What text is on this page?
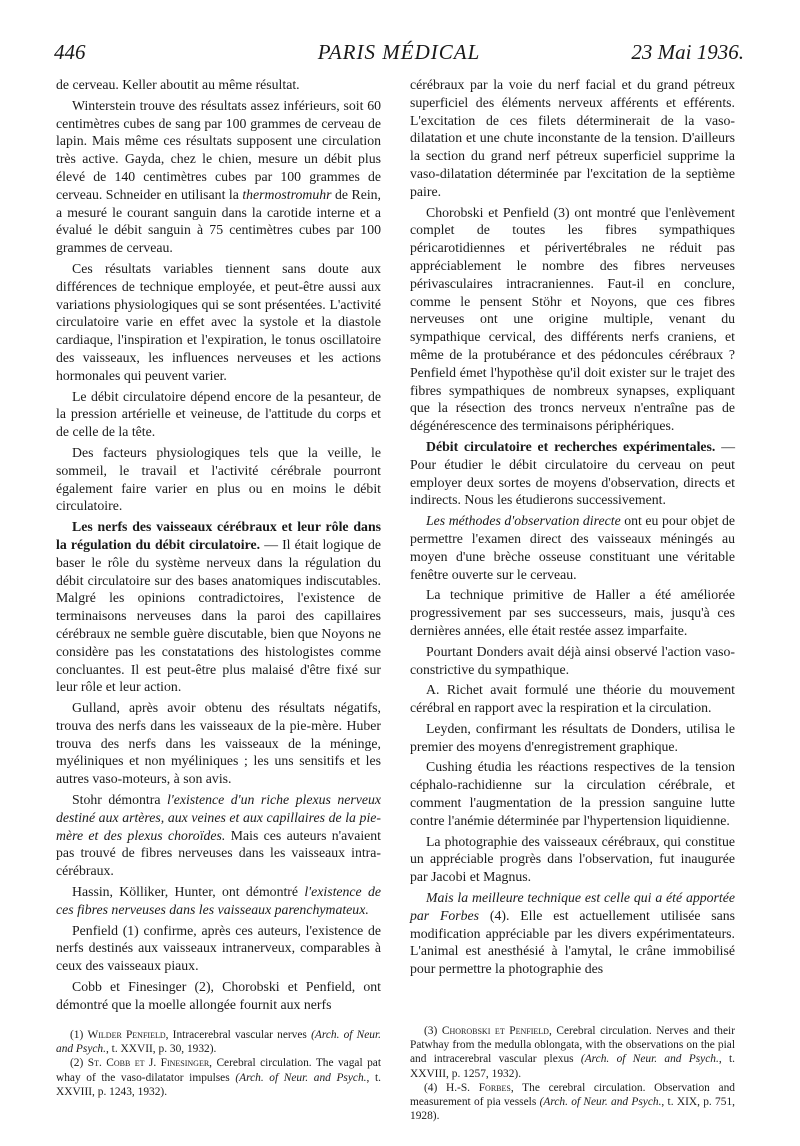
446	PARIS MÉDICAL	23 Mai 1936.

de cerveau. Keller aboutit au même résultat.

Winterstein trouve des résultats assez inférieurs, soit 60 centimètres cubes de sang par 100 grammes de cerveau de lapin. Mais même ces résultats supposent une circulation très active. Gayda, chez le chien, mesure un débit plus élevé de 140 centimètres cubes par 100 grammes de cerveau. Schneider en utilisant la thermostromuhr de Rein, a mesuré le courant sanguin dans la carotide interne et a évalué le débit sanguin à 75 centimètres cubes par 100 grammes de cerveau.

Ces résultats variables tiennent sans doute aux différences de technique employée, et peut-être aussi aux variations physiologiques qui se sont présentées. L'activité circulatoire varie en effet avec la systole et la diastole cardiaque, l'inspiration et l'expiration, le tonus oscillatoire des vaisseaux, les influences nerveuses et les actions hormonales qui peuvent varier.

Le débit circulatoire dépend encore de la pesanteur, de la pression artérielle et veineuse, de l'attitude du corps et de celle de la tête.

Des facteurs physiologiques tels que la veille, le sommeil, le travail et l'activité cérébrale pourront également faire varier en plus ou en moins le débit circulatoire.

Les nerfs des vaisseaux cérébraux et leur rôle dans la régulation du débit circulatoire. — Il était logique de baser le rôle du système nerveux dans la régulation du débit circulatoire sur des bases anatomiques indiscutables. Malgré les opinions contradictoires, l'existence de terminaisons nerveuses dans la paroi des capillaires cérébraux ne semble guère discutable, bien que Noyons ne considère pas les constatations des histologistes comme concluantes. Il est peut-être plus malaisé d'être fixé sur leur rôle et leur action.

Gulland, après avoir obtenu des résultats négatifs, trouva des nerfs dans les vaisseaux de la pie-mère. Huber trouva des nerfs dans les vaisseaux de la méninge, myéliniques et non myéliniques ; les uns sensitifs et les autres vaso-moteurs, à son avis.

Stohr démontra l'existence d'un riche plexus nerveux destiné aux artères, aux veines et aux capillaires de la pie-mère et des plexus choroïdes. Mais ces auteurs n'avaient pas trouvé de fibres nerveuses dans les vaisseaux intra-cérébraux.

Hassin, Kölliker, Hunter, ont démontré l'existence de ces fibres nerveuses dans les vaisseaux parenchymateux.

Penfield (1) confirme, après ces auteurs, l'existence de nerfs destinés aux vaisseaux intranerveux, comparables à ceux des vaisseaux piaux.

Cobb et Finesinger (2), Chorobski et Penfield, ont démontré que la moelle allongée fournit aux nerfs

cérébraux par la voie du nerf facial et du grand pétreux superficiel des éléments nerveux afférents et efférents. L'excitation de ces filets déterminerait de la vaso-dilatation et une chute inconstante de la tension. D'ailleurs la section du grand nerf pétreux superficiel supprime la vaso-dilatation déterminée par l'excitation de la septième paire.

Chorobski et Penfield (3) ont montré que l'enlèvement complet de toutes les fibres sympathiques péricarotidiennes et périvertébrales ne réduit pas appréciablement le nombre des fibres nerveuses périvasculaires intracraniennes. Faut-il en conclure, comme le pensent Stöhr et Noyons, que ces fibres nerveuses ont une origine multiple, venant du sympathique cervical, des différents nerfs craniens, et même de la protubérance et des pédoncules cérébraux ? Penfield émet l'hypothèse qu'il doit exister sur le trajet des fibres sympathiques de nombreux synapses, expliquant que la résection des troncs nerveux n'entraîne pas de dégénérescence des terminaisons périphériques.

Débit circulatoire et recherches expérimentales. — Pour étudier le débit circulatoire du cerveau on peut employer deux sortes de moyens d'observation, directs et indirects. Nous les étudierons successivement.

Les méthodes d'observation directe ont eu pour objet de permettre l'examen direct des vaisseaux méningés au moyen d'une brèche osseuse constituant une véritable fenêtre ouverte sur le cerveau.

La technique primitive de Haller a été améliorée progressivement par ses successeurs, mais, jusqu'à ces dernières années, elle était restée assez imparfaite.

Pourtant Donders avait déjà ainsi observé l'action vaso-constrictive du sympathique.

A. Richet avait formulé une théorie du mouvement cérébral en rapport avec la respiration et la circulation.

Leyden, confirmant les résultats de Donders, utilisa le premier des moyens d'enregistrement graphique.

Cushing étudia les réactions respectives de la tension céphalo-rachidienne sur la circulation cérébrale, et comment l'augmentation de la pression sanguine lutte contre l'anémie déterminée par l'hypertension liquidienne.

La photographie des vaisseaux cérébraux, qui constitue un appréciable progrès dans l'observation, fut inaugurée par Jacobi et Magnus.

Mais la meilleure technique est celle qui a été apportée par Forbes (4). Elle est actuellement utilisée sans modification appréciable par les divers expérimentateurs. L'animal est anesthésié à l'amytal, le crâne immobilisé pour permettre la photographie des

(1) Wilder Penfield, Intracerebral vascular nerves (Arch. of Neur. and Psych., t. XXVII, p. 30, 1932).

(2) St. Cobb et J. Finesinger, Cerebral circulation. The vagal pat whay of the vaso-dilatator impulses (Arch. of Neur. and Psych., t. XXVIII, p. 1243, 1932).

(3) Chorobski et Penfield, Cerebral circulation. Nerves and their Patwhay from the medulla oblongata, with the observations on the pial and intracerebral vascular plexus (Arch. of Neur. and Psych., t. XXVIII, p. 1257, 1932).

(4) H.-S. Forbes, The cerebral circulation. Observation and measurement of pia vessels (Arch. of Neur. and Psych., t. XIX, p. 751, 1928).
